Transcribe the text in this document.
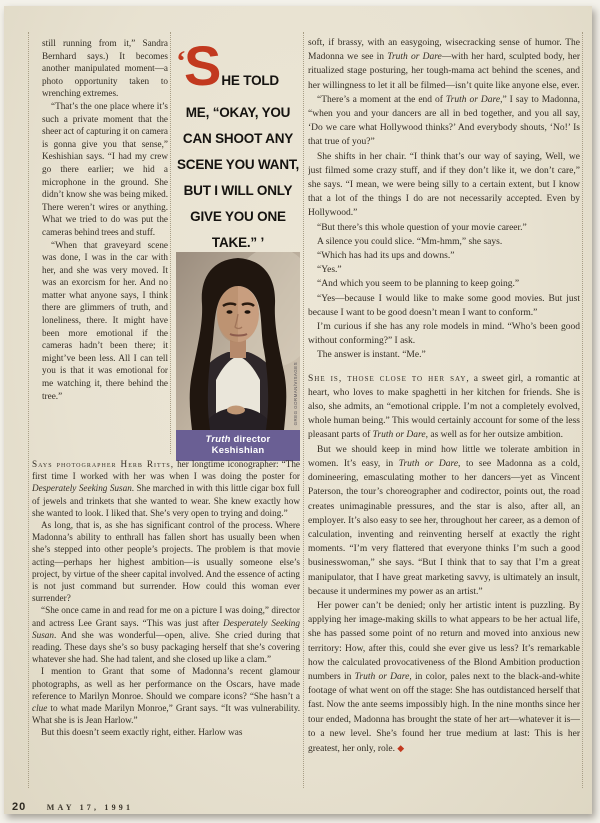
still running from it,” Sandra Bernhard says.) It becomes another manipulated moment—a photo opportunity taken to wrenching extremes.

“That’s the one place where it’s such a private moment that the sheer act of capturing it on camera is gonna give you that sense,” Keshishian says. “I had my crew go there earlier; we hid a microphone in the ground. She didn’t know she was being miked. There weren’t wires or anything. What we tried to do was put the cameras behind trees and stuff.

“When that graveyard scene was done, I was in the car with her, and she was very moved. It was an exorcism for her. And no matter what anyone says, I think there are glimmers of truth, and loneliness, there. It might have been more emotional if the cameras hadn’t been there; it might’ve been less. All I can tell you is that it was emotional for me watching it, there behind the tree.”

‘S HE TOLD
ME, “OKAY, YOU
CAN SHOOT ANY
SCENE YOU WANT,
BUT I WILL ONLY
GIVE YOU ONE
TAKE.” ’
GREG GORMAN/VISAGES
Truth director Keshishian

Says photographer Herb Ritts, her longtime iconographer: “The first time I worked with her was when I was doing the poster for Desperately Seeking Susan. She marched in with this little cigar box full of jewels and trinkets that she wanted to wear. She knew exactly how she wanted to look. I liked that. She’s very open to trying and doing.”

As long, that is, as she has significant control of the process. Where Madonna’s ability to enthrall has fallen short has usually been when she’s stepped into other people’s projects. The problem is that movie acting—perhaps her highest ambition—is usually someone else’s project, by virtue of the sheer capital involved. And the essence of acting is not just command but surrender. How could this woman ever surrender?

“She once came in and read for me on a picture I was doing,” director and actress Lee Grant says. “This was just after Desperately Seeking Susan. And she was wonderful—open, alive. She cried during that reading. These days she’s so busy packaging herself that she’s covering whatever she had. She had talent, and she closed up like a clam.”

I mention to Grant that some of Madonna’s recent glamour photographs, as well as her performance on the Oscars, have made reference to Marilyn Monroe. Should we compare icons? “She hasn’t a clue to what made Marilyn Monroe,” Grant says. “It was vulnerability. What she is is Jean Harlow.”

But this doesn’t seem exactly right, either. Harlow was

soft, if brassy, with an easygoing, wisecracking sense of humor. The Madonna we see in Truth or Dare—with her hard, sculpted body, her ritualized stage posturing, her tough-mama act behind the scenes, and her willingness to let it all be filmed—isn’t quite like anyone else, ever.

“There’s a moment at the end of Truth or Dare,” I say to Madonna, “when you and your dancers are all in bed together, and you all say, ‘Do we care what Hollywood thinks?’ And everybody shouts, ‘No!’ Is that true of you?”

She shifts in her chair. “I think that’s our way of saying, Well, we just filmed some crazy stuff, and if they don’t like it, we don’t care,” she says. “I mean, we were being silly to a certain extent, but I know that a lot of the things I do are not necessarily accepted. Even by Hollywood.”

“But there’s this whole question of your movie career.”

A silence you could slice. “Mm-hmm,” she says.

“Which has had its ups and downs.”

“Yes.”

“And which you seem to be planning to keep going.”

“Yes—because I would like to make some good movies. But just because I want to be good doesn’t mean I want to conform.”

I’m curious if she has any role models in mind. “Who’s been good without conforming?” I ask.

The answer is instant. “Me.”

She is, those close to her say, a sweet girl, a romantic at heart, who loves to make spaghetti in her kitchen for friends. She is also, she admits, an “emotional cripple. I’m not a completely evolved, whole human being.” This would certainly account for some of the less pleasant parts of Truth or Dare, as well as for her outsize ambition.

But we should keep in mind how little we tolerate ambition in women. It’s easy, in Truth or Dare, to see Madonna as a cold, domineering, emasculating mother to her dancers—yet as Vincent Paterson, the tour’s choreographer and codirector, points out, the road creates unimaginable pressures, and the star is also, after all, an employer. It’s also easy to see her, throughout her career, as a demon of calculation, inventing and reinventing herself at exactly the right moments. “I’m very flattered that everyone thinks I’m such a good businesswoman,” she says. “But I think that to say that I’m a great manipulator, that I have great marketing savvy, is ultimately an insult, because it undermines my power as an artist.”

Her power can’t be denied; only her artistic intent is puzzling. By applying her image-making skills to what appears to be her actual life, she has passed some point of no return and moved into anxious new territory: How, after this, could she ever give us less? It’s remarkable how the calculated provocativeness of the Blond Ambition production numbers in Truth or Dare, in color, pales next to the black-and-white footage of what went on off the stage: She has outdistanced herself that fast. Now the ante seems impossibly high. In the nine months since her tour ended, Madonna has brought the state of her art—whatever it is—to a new level. She’s found her true medium at last: This is her greatest, her only, role. ◆

20	MAY 17, 1991
